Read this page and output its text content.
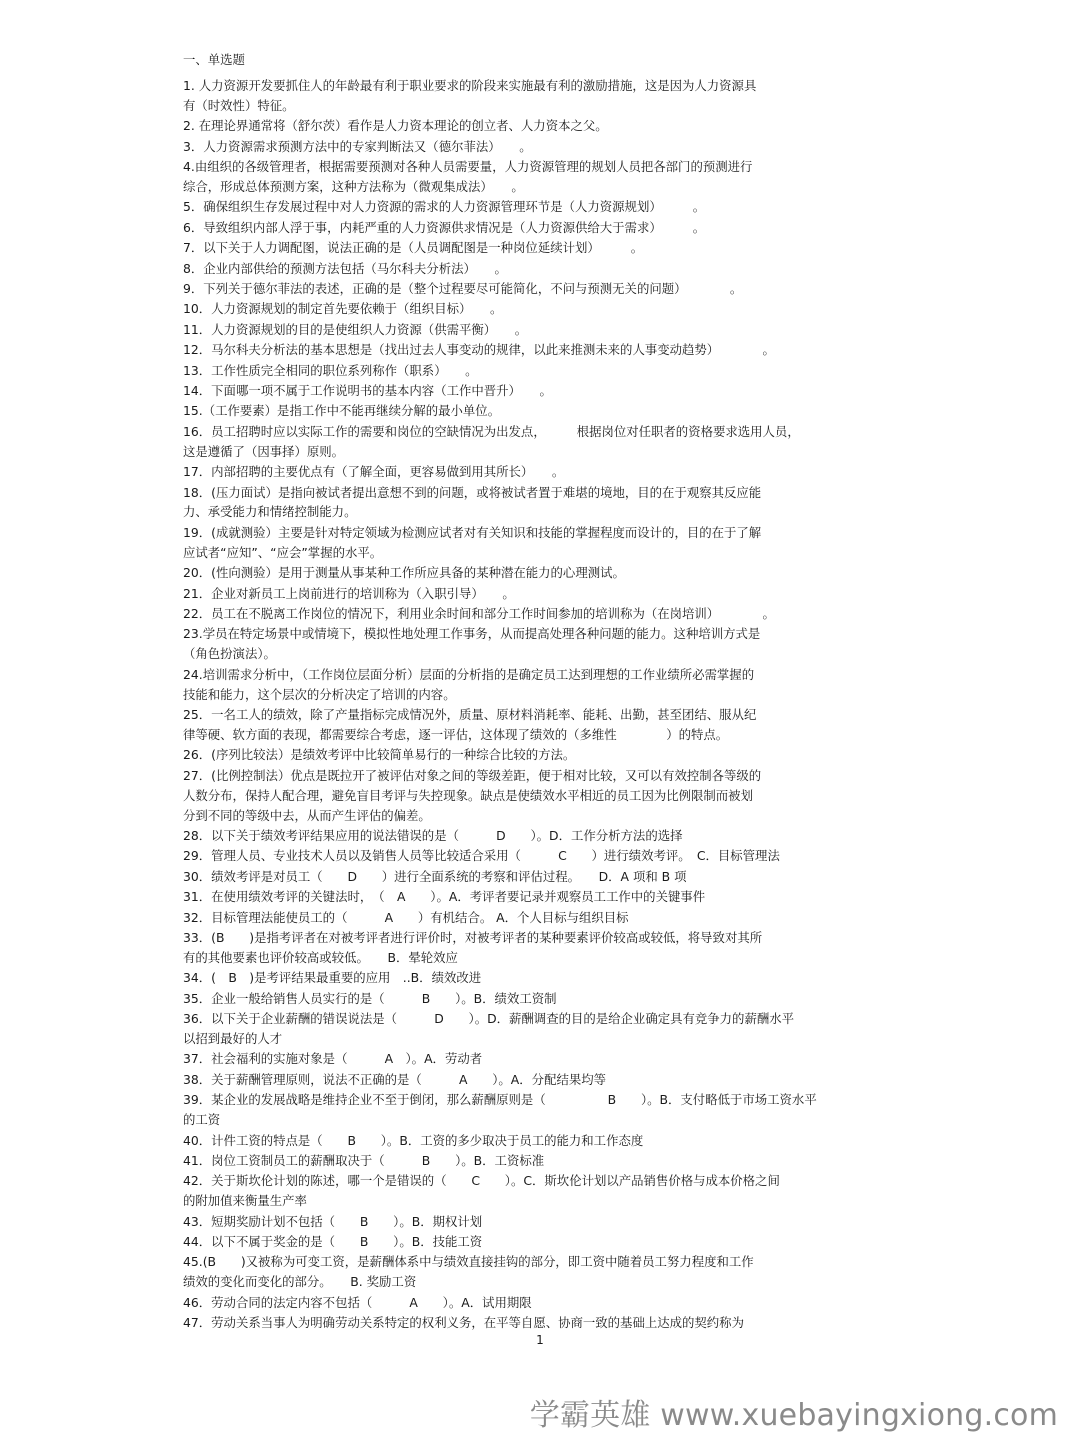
一、单选题
1. 人力资源开发要抓住人的年龄最有利于职业要求的阶段来实施最有利的激励措施，这是因为人力资源具
有（时效性）特征。
2. 在理论界通常将（舒尔茨）看作是人力资本理论的创立者、人力资本之父。
3．人力资源需求预测方法中的专家判断法又（德尔菲法）　　。
4.由组织的各级管理者，根据需要预测对各种人员需要量，人力资源管理的规划人员把各部门的预测进行
综合，形成总体预测方案，这种方法称为（微观集成法）　　。
5．确保组织生存发展过程中对人力资源的需求的人力资源管理环节是（人力资源规划）　　　。
6．导致组织内部人浮于事，内耗严重的人力资源供求情况是（人力资源供给大于需求）　　　。
7．以下关于人力调配图，说法正确的是（人员调配图是一种岗位延续计划）　　　。
8．企业内部供给的预测方法包括（马尔科夫分析法）　　。
9．下列关于德尔菲法的表述，正确的是（整个过程要尽可能简化，不问与预测无关的问题）　　　　。
10．人力资源规划的制定首先要依赖于（组织目标）　　。
11．人力资源规划的目的是使组织人力资源（供需平衡）　　。
12．马尔科夫分析法的基本思想是（找出过去人事变动的规律，以此来推测未来的人事变动趋势）　　　　。
13．工作性质完全相同的职位系列称作（职系）　　。
14．下面哪一项不属于工作说明书的基本内容（工作中晋升）　　。
15.（工作要素）是指工作中不能再继续分解的最小单位。
16．员工招聘时应以实际工作的需要和岗位的空缺情况为出发点，　　　根据岗位对任职者的资格要求选用人员，
这是遵循了（因事择）原则。
17．内部招聘的主要优点有（了解全面，更容易做到用其所长）　　。
18．(压力面试）是指向被试者提出意想不到的问题，或将被试者置于难堪的境地，目的在于观察其反应能
力、承受能力和情绪控制能力。
19．(成就测验）主要是针对特定领域为检测应试者对有关知识和技能的掌握程度而设计的，目的在于了解
应试者“应知”、“应会”掌握的水平。
20．(性向测验）是用于测量从事某种工作所应具备的某种潜在能力的心理测试。
21．企业对新员工上岗前进行的培训称为（入职引导）　　。
22．员工在不脱离工作岗位的情况下，利用业余时间和部分工作时间参加的培训称为（在岗培训）　　　　。
23.学员在特定场景中或情境下，模拟性地处理工作事务，从而提高处理各种问题的能力。这种培训方式是
（角色扮演法）。
24.培训需求分析中，（工作岗位层面分析）层面的分析指的是确定员工达到理想的工作业绩所必需掌握的
技能和能力，这个层次的分析决定了培训的内容。
25．一名工人的绩效，除了产量指标完成情况外，质量、原材料消耗率、能耗、出勤，甚至团结、服从纪
律等硬、软方面的表现，都需要综合考虑，逐一评估，这体现了绩效的（多维性　　　　）的特点。
26．(序列比较法）是绩效考评中比较简单易行的一种综合比较的方法。
27．(比例控制法）优点是既拉开了被评估对象之间的等级差距，便于相对比较，又可以有效控制各等级的
人数分布，保持人配合理，避免盲目考评与失控现象。缺点是使绩效水平相近的员工因为比例限制而被划
分到不同的等级中去，从而产生评估的偏差。
28．以下关于绩效考评结果应用的说法错误的是（　　　D　　）。D．工作分析方法的选择
29．管理人员、专业技术人员以及销售人员等比较适合采用（　　　C　　）进行绩效考评。　C．目标管理法
30．绩效考评是对员工（　　D　　）进行全面系统的考察和评估过程。　　D．A 项和 B 项
31．在使用绩效考评的关键法时，　（　A　　）。A．考评者要记录并观察员工工作中的关键事件
32．目标管理法能使员工的（　　　A　　）有机结合。 A．个人目标与组织目标
33．(B　　)是指考评者在对被考评者进行评价时，对被考评者的某种要素评价较高或较低，将导致对其所
有的其他要素也评价较高或较低。　　B．晕轮效应
34．(　B　)是考评结果最重要的应用　..B．绩效改进
35．企业一般给销售人员实行的是（　　　B　　）。B．绩效工资制
36．以下关于企业薪酬的错误说法是（　　　D　　）。D．薪酬调查的目的是给企业确定具有竞争力的薪酬水平
以招到最好的人才
37．社会福利的实施对象是（　　　A　）。A．劳动者
38．关于薪酬管理原则，说法不正确的是（　　　A　　）。A．分配结果均等
39．某企业的发展战略是维持企业不至于倒闭，那么薪酬原则是（　　　　　B　　）。B．支付略低于市场工资水平
的工资
40．计件工资的特点是（　　B　　）。B．工资的多少取决于员工的能力和工作态度
41．岗位工资制员工的薪酬取决于（　　　B　　）。B．工资标准
42．关于斯坎伦计划的陈述，哪一个是错误的（　　C　　）。C．斯坎伦计划以产品销售价格与成本价格之间
的附加值来衡量生产率
43．短期奖励计划不包括（　　B　　）。B．期权计划
44．以下不属于奖金的是（　　B　　）。B．技能工资
45.(B　　)又被称为可变工资，是薪酬体系中与绩效直接挂钩的部分，即工资中随着员工努力程度和工作
绩效的变化而变化的部分。　　B. 奖励工资
46．劳动合同的法定内容不包括（　　　A　　）。A．试用期限
47．劳动关系当事人为明确劳动关系特定的权利义务，在平等自愿、协商一致的基础上达成的契约称为
1
学霸英雄 www.xuebayingxiong.com
